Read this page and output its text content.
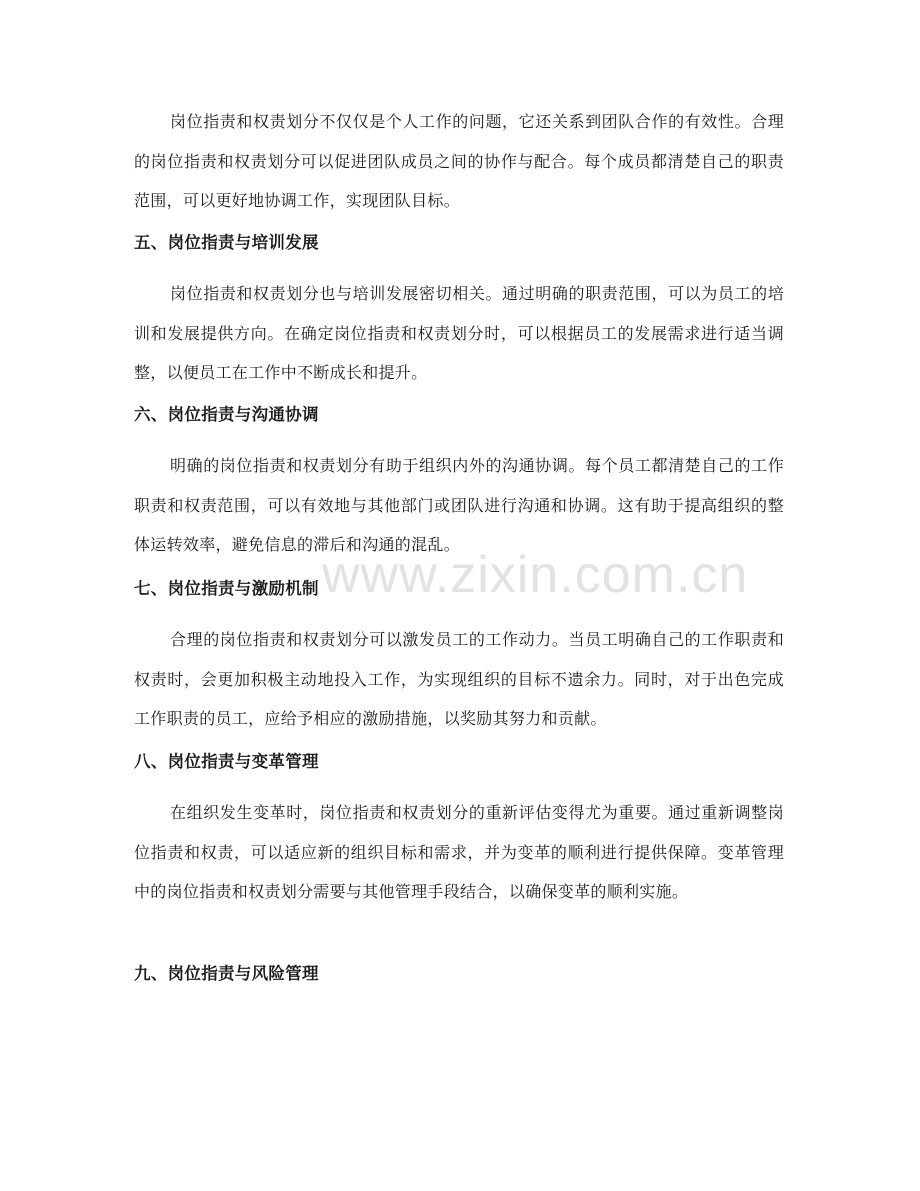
岗位指责和权责划分不仅仅是个人工作的问题，它还关系到团队合作的有效性。合理的岗位指责和权责划分可以促进团队成员之间的协作与配合。每个成员都清楚自己的职责范围，可以更好地协调工作，实现团队目标。

五、岗位指责与培训发展

岗位指责和权责划分也与培训发展密切相关。通过明确的职责范围，可以为员工的培训和发展提供方向。在确定岗位指责和权责划分时，可以根据员工的发展需求进行适当调整，以便员工在工作中不断成长和提升。

六、岗位指责与沟通协调

明确的岗位指责和权责划分有助于组织内外的沟通协调。每个员工都清楚自己的工作职责和权责范围，可以有效地与其他部门或团队进行沟通和协调。这有助于提高组织的整体运转效率，避免信息的滞后和沟通的混乱。

七、岗位指责与激励机制

合理的岗位指责和权责划分可以激发员工的工作动力。当员工明确自己的工作职责和权责时，会更加积极主动地投入工作，为实现组织的目标不遗余力。同时，对于出色完成工作职责的员工，应给予相应的激励措施，以奖励其努力和贡献。

八、岗位指责与变革管理

在组织发生变革时，岗位指责和权责划分的重新评估变得尤为重要。通过重新调整岗位指责和权责，可以适应新的组织目标和需求，并为变革的顺利进行提供保障。变革管理中的岗位指责和权责划分需要与其他管理手段结合，以确保变革的顺利实施。

九、岗位指责与风险管理
www.zixin.com.cn
